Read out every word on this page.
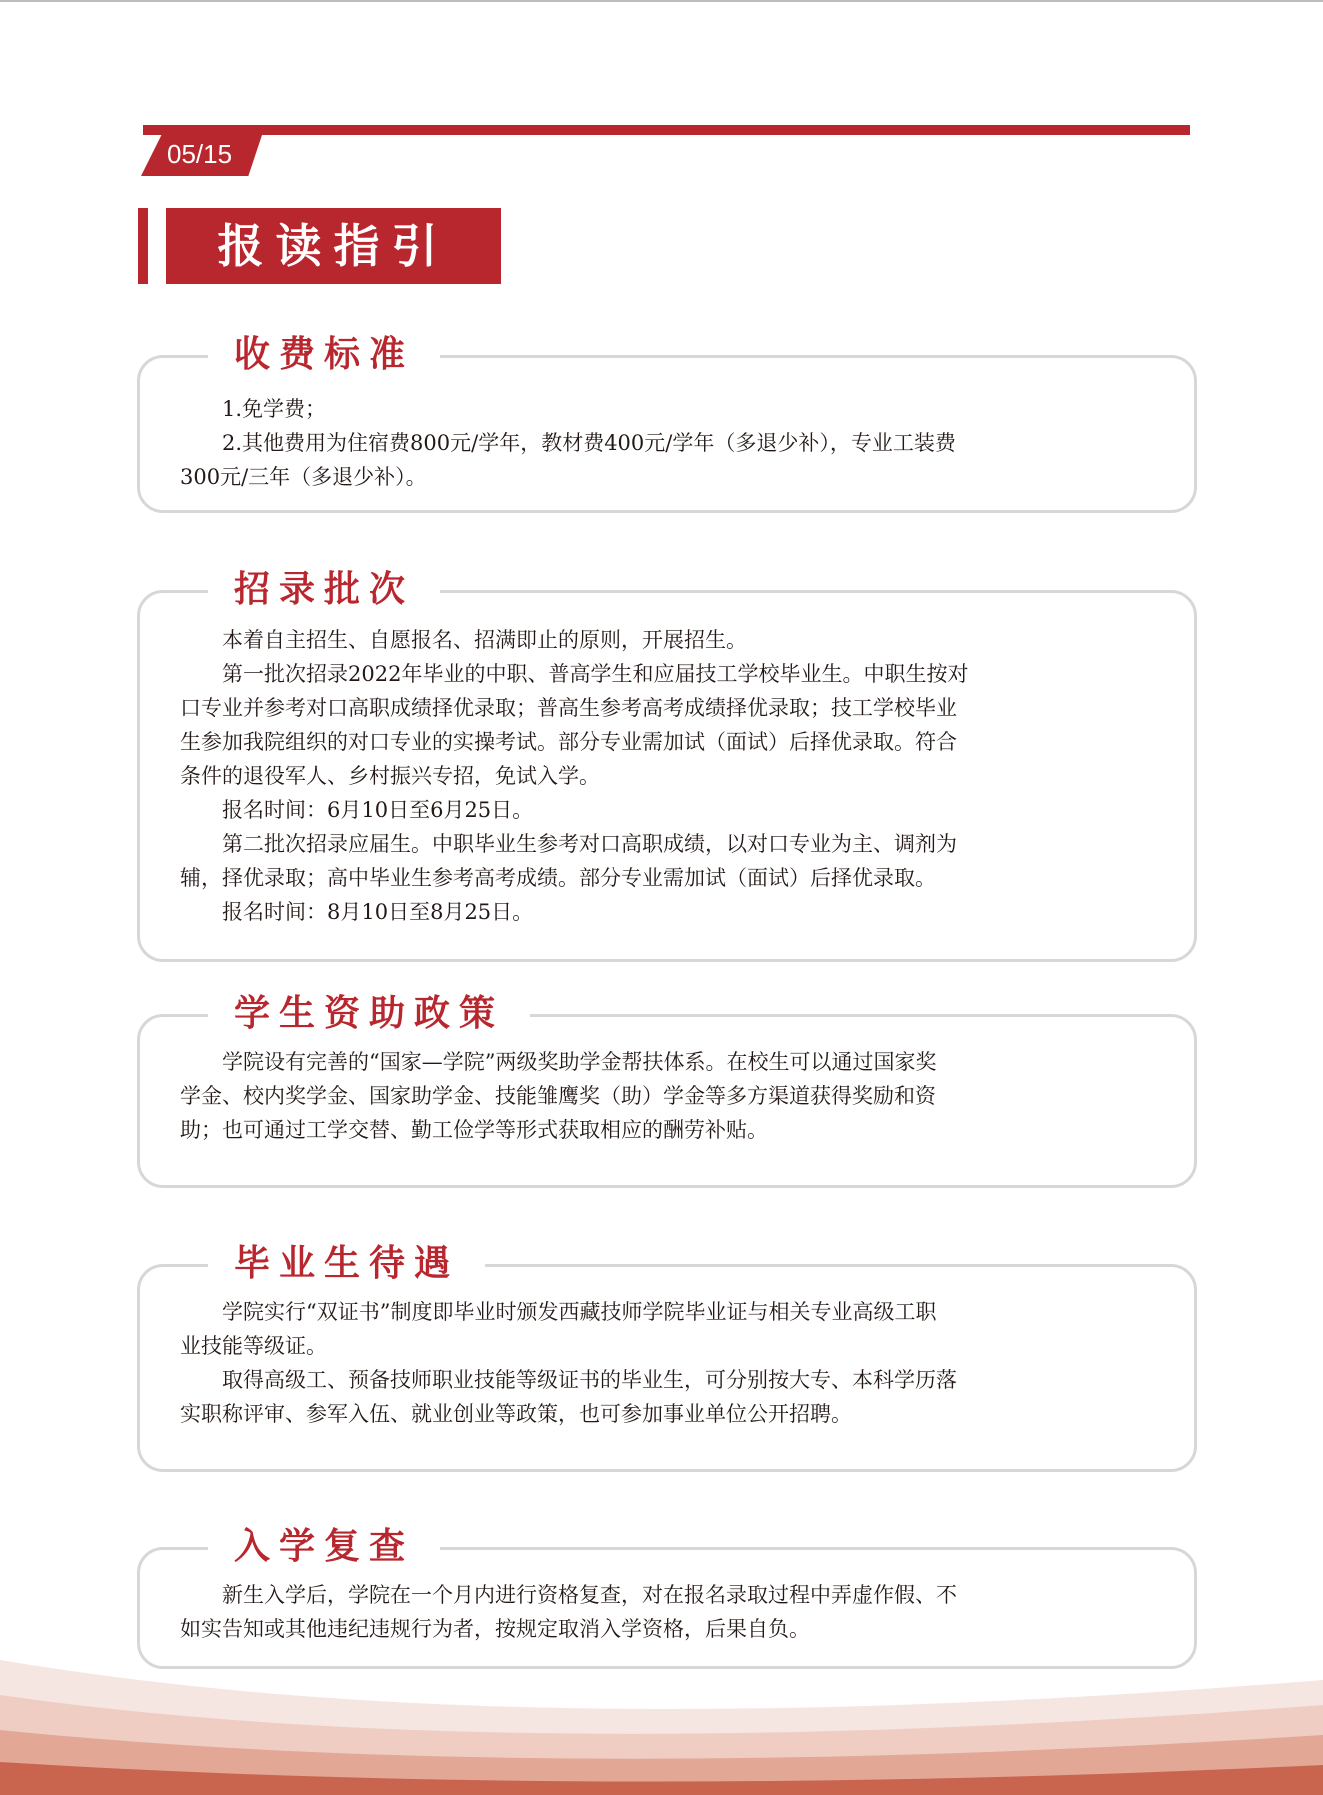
05/15
报读指引
收费标准

1.免学费；

2.其他费用为住宿费800元/学年，教材费400元/学年（多退少补），专业工装费

300元/三年（多退少补）。

招录批次

本着自主招生、自愿报名、招满即止的原则，开展招生。

第一批次招录2022年毕业的中职、普高学生和应届技工学校毕业生。中职生按对

口专业并参考对口高职成绩择优录取；普高生参考高考成绩择优录取；技工学校毕业

生参加我院组织的对口专业的实操考试。部分专业需加试（面试）后择优录取。符合

条件的退役军人、乡村振兴专招，免试入学。

报名时间：6月10日至6月25日。

第二批次招录应届生。中职毕业生参考对口高职成绩，以对口专业为主、调剂为

辅，择优录取；高中毕业生参考高考成绩。部分专业需加试（面试）后择优录取。

报名时间：8月10日至8月25日。

学生资助政策

学院设有完善的“国家—学院”两级奖助学金帮扶体系。在校生可以通过国家奖

学金、校内奖学金、国家助学金、技能雏鹰奖（助）学金等多方渠道获得奖励和资

助；也可通过工学交替、勤工俭学等形式获取相应的酬劳补贴。

毕业生待遇

学院实行“双证书”制度即毕业时颁发西藏技师学院毕业证与相关专业高级工职

业技能等级证。

取得高级工、预备技师职业技能等级证书的毕业生，可分别按大专、本科学历落

实职称评审、参军入伍、就业创业等政策，也可参加事业单位公开招聘。

入学复查

新生入学后，学院在一个月内进行资格复查，对在报名录取过程中弄虚作假、不

如实告知或其他违纪违规行为者，按规定取消入学资格，后果自负。
